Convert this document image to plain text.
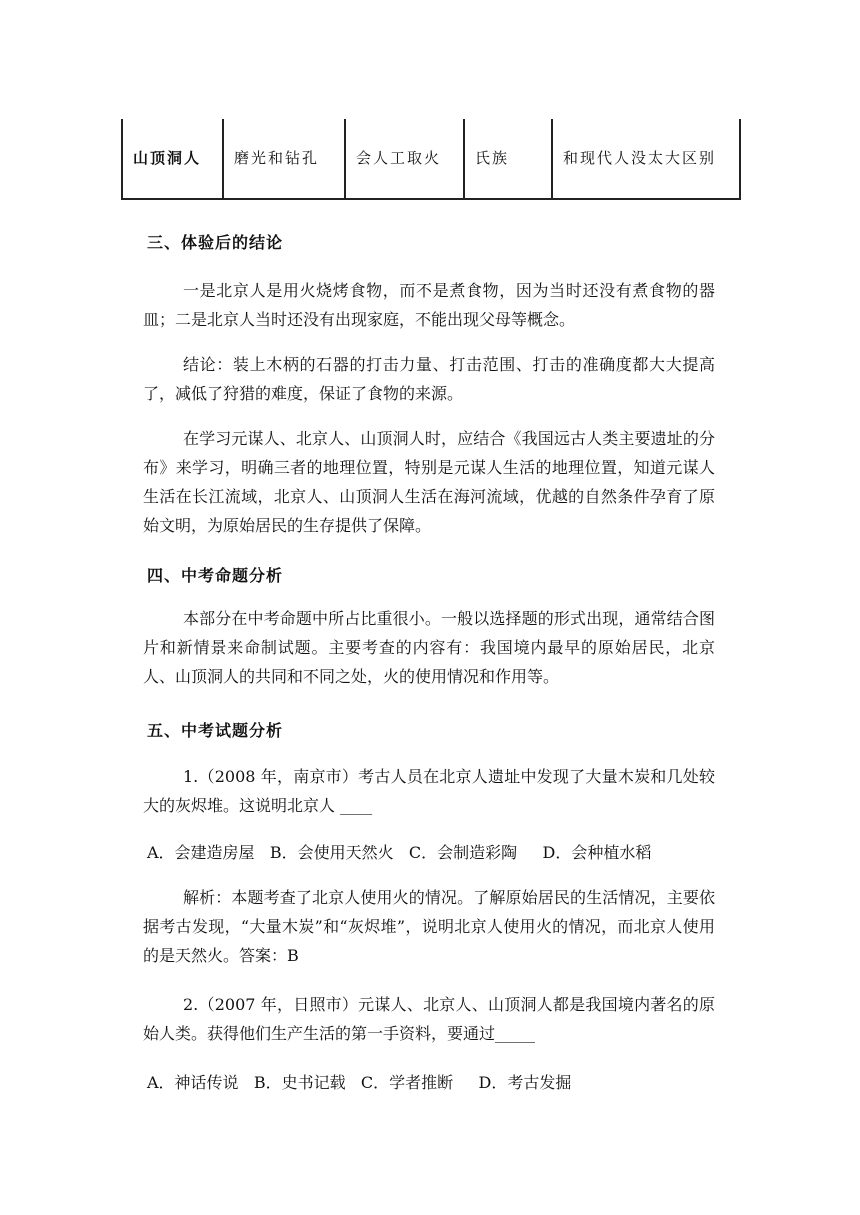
山顶洞人	磨光和钻孔	会人工取火	氏族	和现代人没太大区别
三、体验后的结论
一是北京人是用火烧烤食物，而不是煮食物，因为当时还没有煮食物的器皿；二是北京人当时还没有出现家庭，不能出现父母等概念。
结论：装上木柄的石器的打击力量、打击范围、打击的准确度都大大提高了，减低了狩猎的难度，保证了食物的来源。
在学习元谋人、北京人、山顶洞人时，应结合《我国远古人类主要遗址的分布》来学习，明确三者的地理位置，特别是元谋人生活的地理位置，知道元谋人生活在长江流域，北京人、山顶洞人生活在海河流域，优越的自然条件孕育了原始文明，为原始居民的生存提供了保障。
四、中考命题分析
本部分在中考命题中所占比重很小。一般以选择题的形式出现，通常结合图片和新情景来命制试题。主要考查的内容有：我国境内最早的原始居民，北京人、山顶洞人的共同和不同之处，火的使用情况和作用等。
五、中考试题分析
1.（2008 年，南京市）考古人员在北京人遗址中发现了大量木炭和几处较大的灰烬堆。这说明北京人 ____
A．会建造房屋 B．会使用天然火 C．会制造彩陶 D．会种植水稻
解析：本题考查了北京人使用火的情况。了解原始居民的生活情况，主要依据考古发现，“大量木炭”和“灰烬堆”，说明北京人使用火的情况，而北京人使用的是天然火。答案：B
2.（2007 年，日照市）元谋人、北京人、山顶洞人都是我国境内著名的原始人类。获得他们生产生活的第一手资料，要通过_____
A．神话传说 B．史书记载 C．学者推断 D．考古发掘
